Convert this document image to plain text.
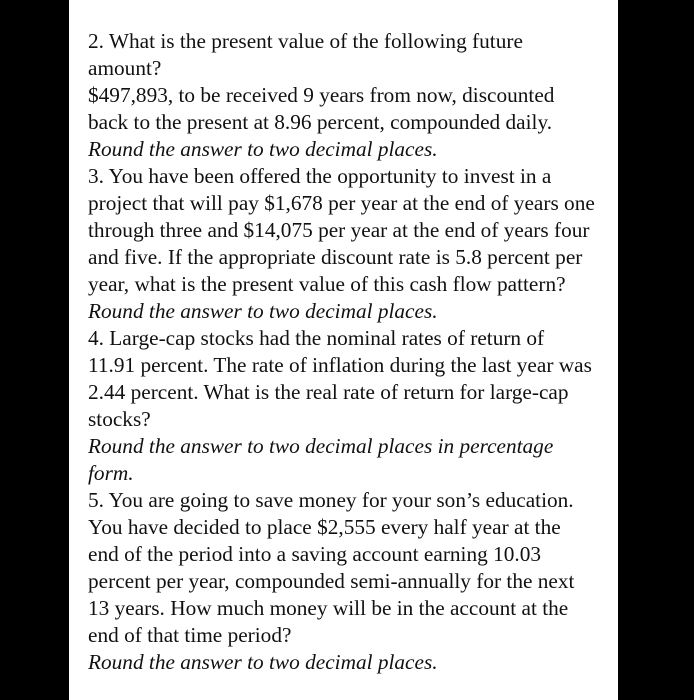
2. What is the present value of the following future
amount?
$497,893, to be received 9 years from now, discounted
back to the present at 8.96 percent, compounded daily.
Round the answer to two decimal places.
3. You have been offered the opportunity to invest in a
project that will pay $1,678 per year at the end of years one
through three and $14,075 per year at the end of years four
and five. If the appropriate discount rate is 5.8 percent per
year, what is the present value of this cash flow pattern?
Round the answer to two decimal places.
4. Large-cap stocks had the nominal rates of return of
11.91 percent. The rate of inflation during the last year was
2.44 percent. What is the real rate of return for large-cap
stocks?
Round the answer to two decimal places in percentage
form.
5. You are going to save money for your son’s education.
You have decided to place $2,555 every half year at the
end of the period into a saving account earning 10.03
percent per year, compounded semi-annually for the next
13 years. How much money will be in the account at the
end of that time period?
Round the answer to two decimal places.
